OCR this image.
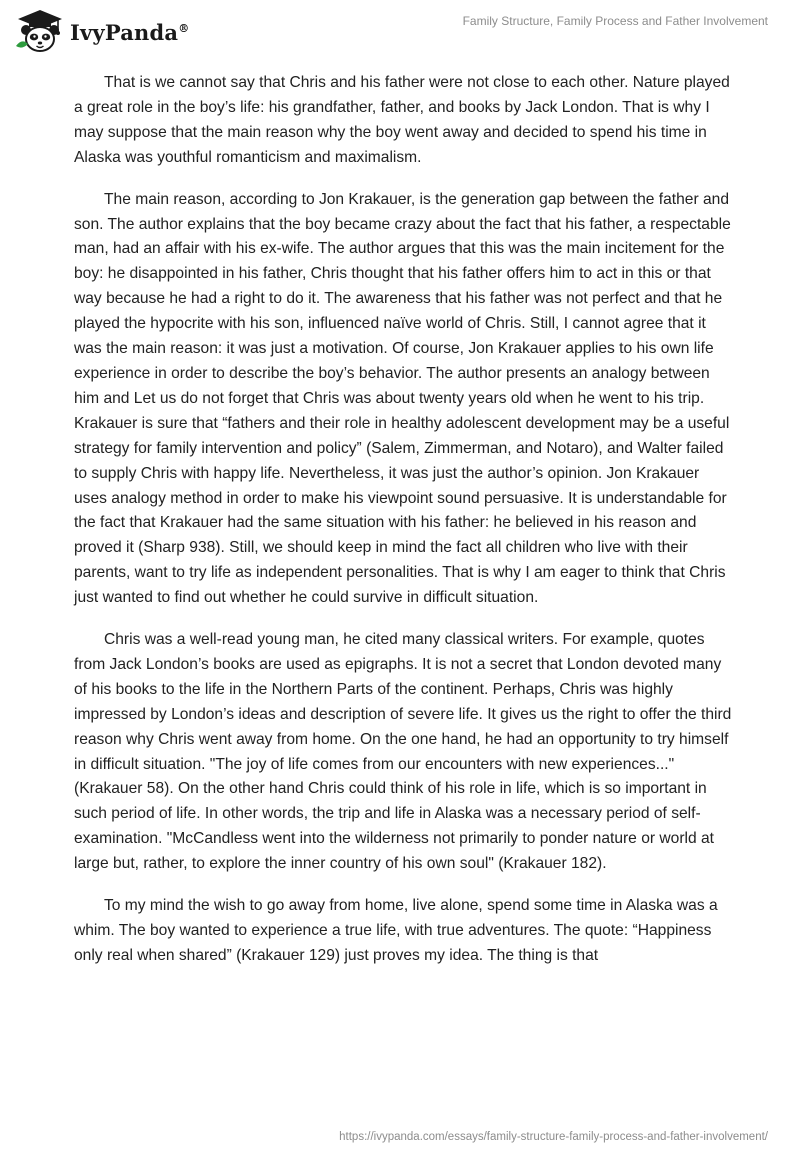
IvyPanda®	Family Structure, Family Process and Father Involvement

That is we cannot say that Chris and his father were not close to each other. Nature played a great role in the boy’s life: his grandfather, father, and books by Jack London. That is why I may suppose that the main reason why the boy went away and decided to spend his time in Alaska was youthful romanticism and maximalism.

The main reason, according to Jon Krakauer, is the generation gap between the father and son. The author explains that the boy became crazy about the fact that his father, a respectable man, had an affair with his ex-wife. The author argues that this was the main incitement for the boy: he disappointed in his father, Chris thought that his father offers him to act in this or that way because he had a right to do it. The awareness that his father was not perfect and that he played the hypocrite with his son, influenced naïve world of Chris. Still, I cannot agree that it was the main reason: it was just a motivation. Of course, Jon Krakauer applies to his own life experience in order to describe the boy’s behavior. The author presents an analogy between him and Let us do not forget that Chris was about twenty years old when he went to his trip. Krakauer is sure that “fathers and their role in healthy adolescent development may be a useful strategy for family intervention and policy” (Salem, Zimmerman, and Notaro), and Walter failed to supply Chris with happy life. Nevertheless, it was just the author’s opinion. Jon Krakauer uses analogy method in order to make his viewpoint sound persuasive. It is understandable for the fact that Krakauer had the same situation with his father: he believed in his reason and proved it (Sharp 938). Still, we should keep in mind the fact all children who live with their parents, want to try life as independent personalities. That is why I am eager to think that Chris just wanted to find out whether he could survive in difficult situation.

Chris was a well-read young man, he cited many classical writers. For example, quotes from Jack London’s books are used as epigraphs. It is not a secret that London devoted many of his books to the life in the Northern Parts of the continent. Perhaps, Chris was highly impressed by London’s ideas and description of severe life. It gives us the right to offer the third reason why Chris went away from home. On the one hand, he had an opportunity to try himself in difficult situation. "The joy of life comes from our encounters with new experiences..." (Krakauer 58). On the other hand Chris could think of his role in life, which is so important in such period of life. In other words, the trip and life in Alaska was a necessary period of self-examination. "McCandless went into the wilderness not primarily to ponder nature or world at large but, rather, to explore the inner country of his own soul" (Krakauer 182).

To my mind the wish to go away from home, live alone, spend some time in Alaska was a whim. The boy wanted to experience a true life, with true adventures. The quote: “Happiness only real when shared” (Krakauer 129) just proves my idea. The thing is that

https://ivypanda.com/essays/family-structure-family-process-and-father-involvement/
